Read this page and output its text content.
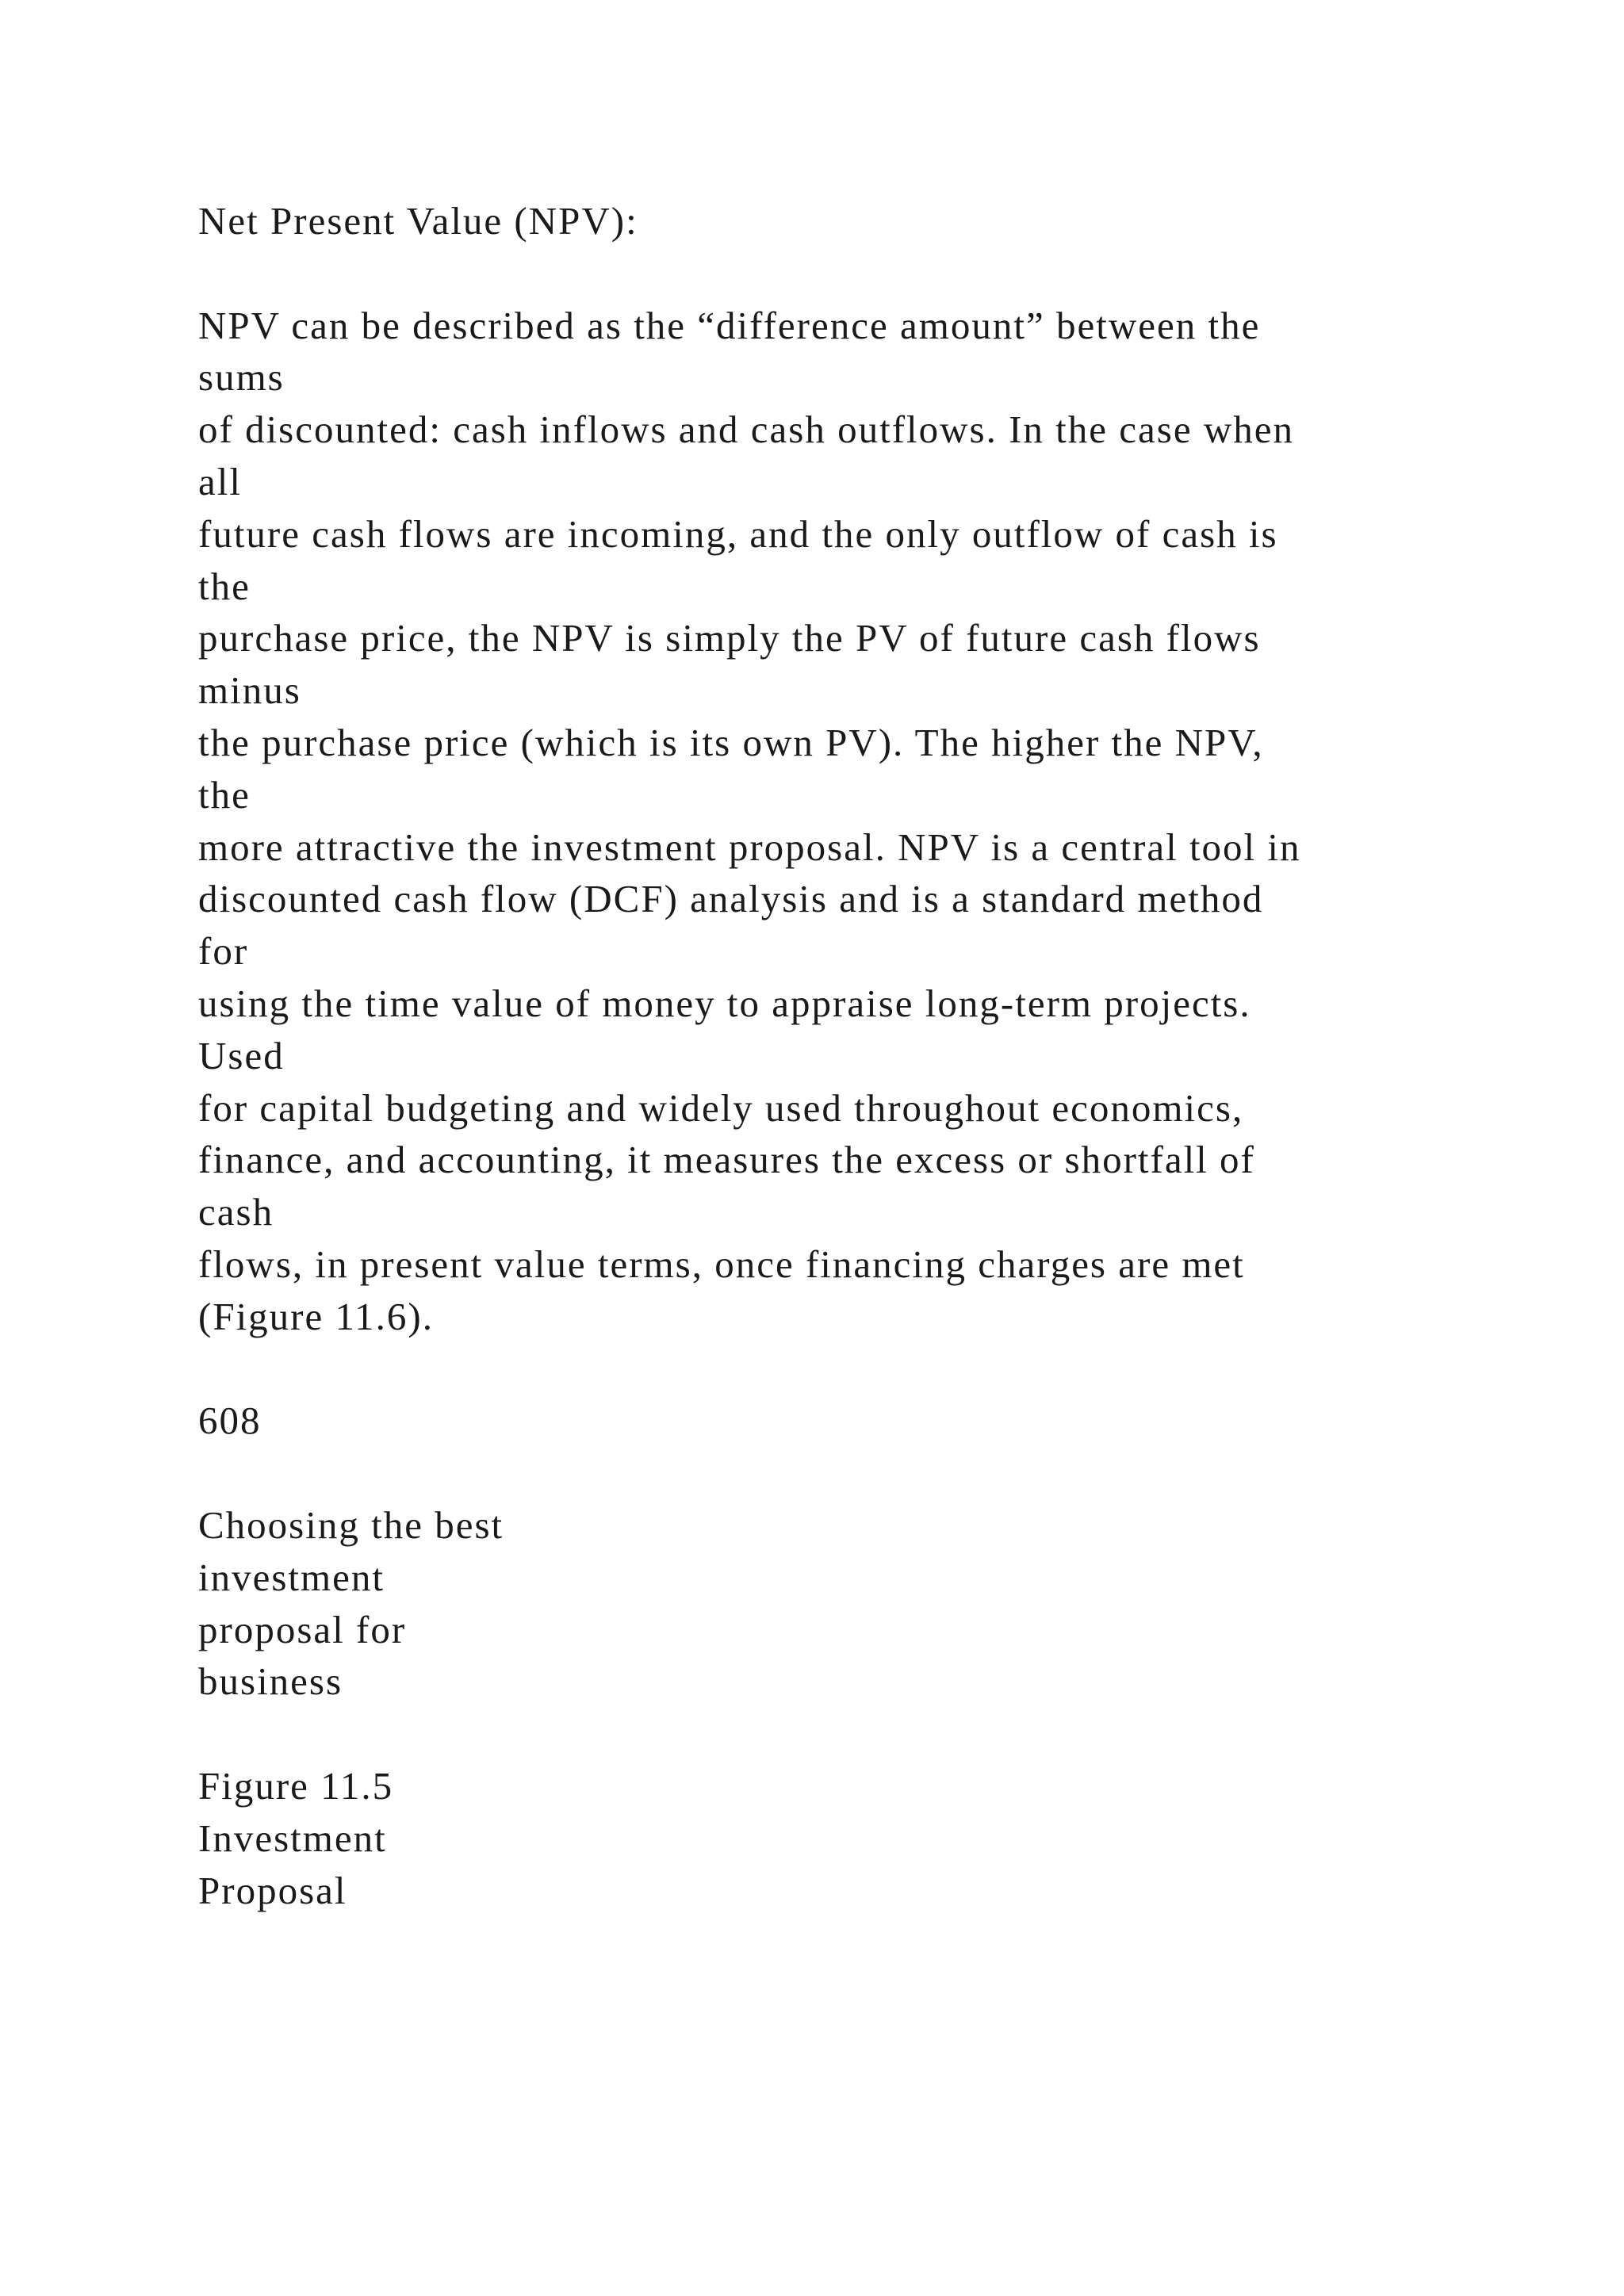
Net Present Value (NPV):
NPV can be described as the “difference amount” between the
sums
of discounted: cash inflows and cash outflows. In the case when
all
future cash flows are incoming, and the only outflow of cash is
the
purchase price, the NPV is simply the PV of future cash flows
minus
the purchase price (which is its own PV). The higher the NPV,
the
more attractive the investment proposal. NPV is a central tool in
discounted cash flow (DCF) analysis and is a standard method
for
using the time value of money to appraise long-term projects.
Used
for capital budgeting and widely used throughout economics,
finance, and accounting, it measures the excess or shortfall of
cash
flows, in present value terms, once financing charges are met
(Figure 11.6).
608
Choosing the best
investment
proposal for
business
Figure 11.5
Investment
Proposal
